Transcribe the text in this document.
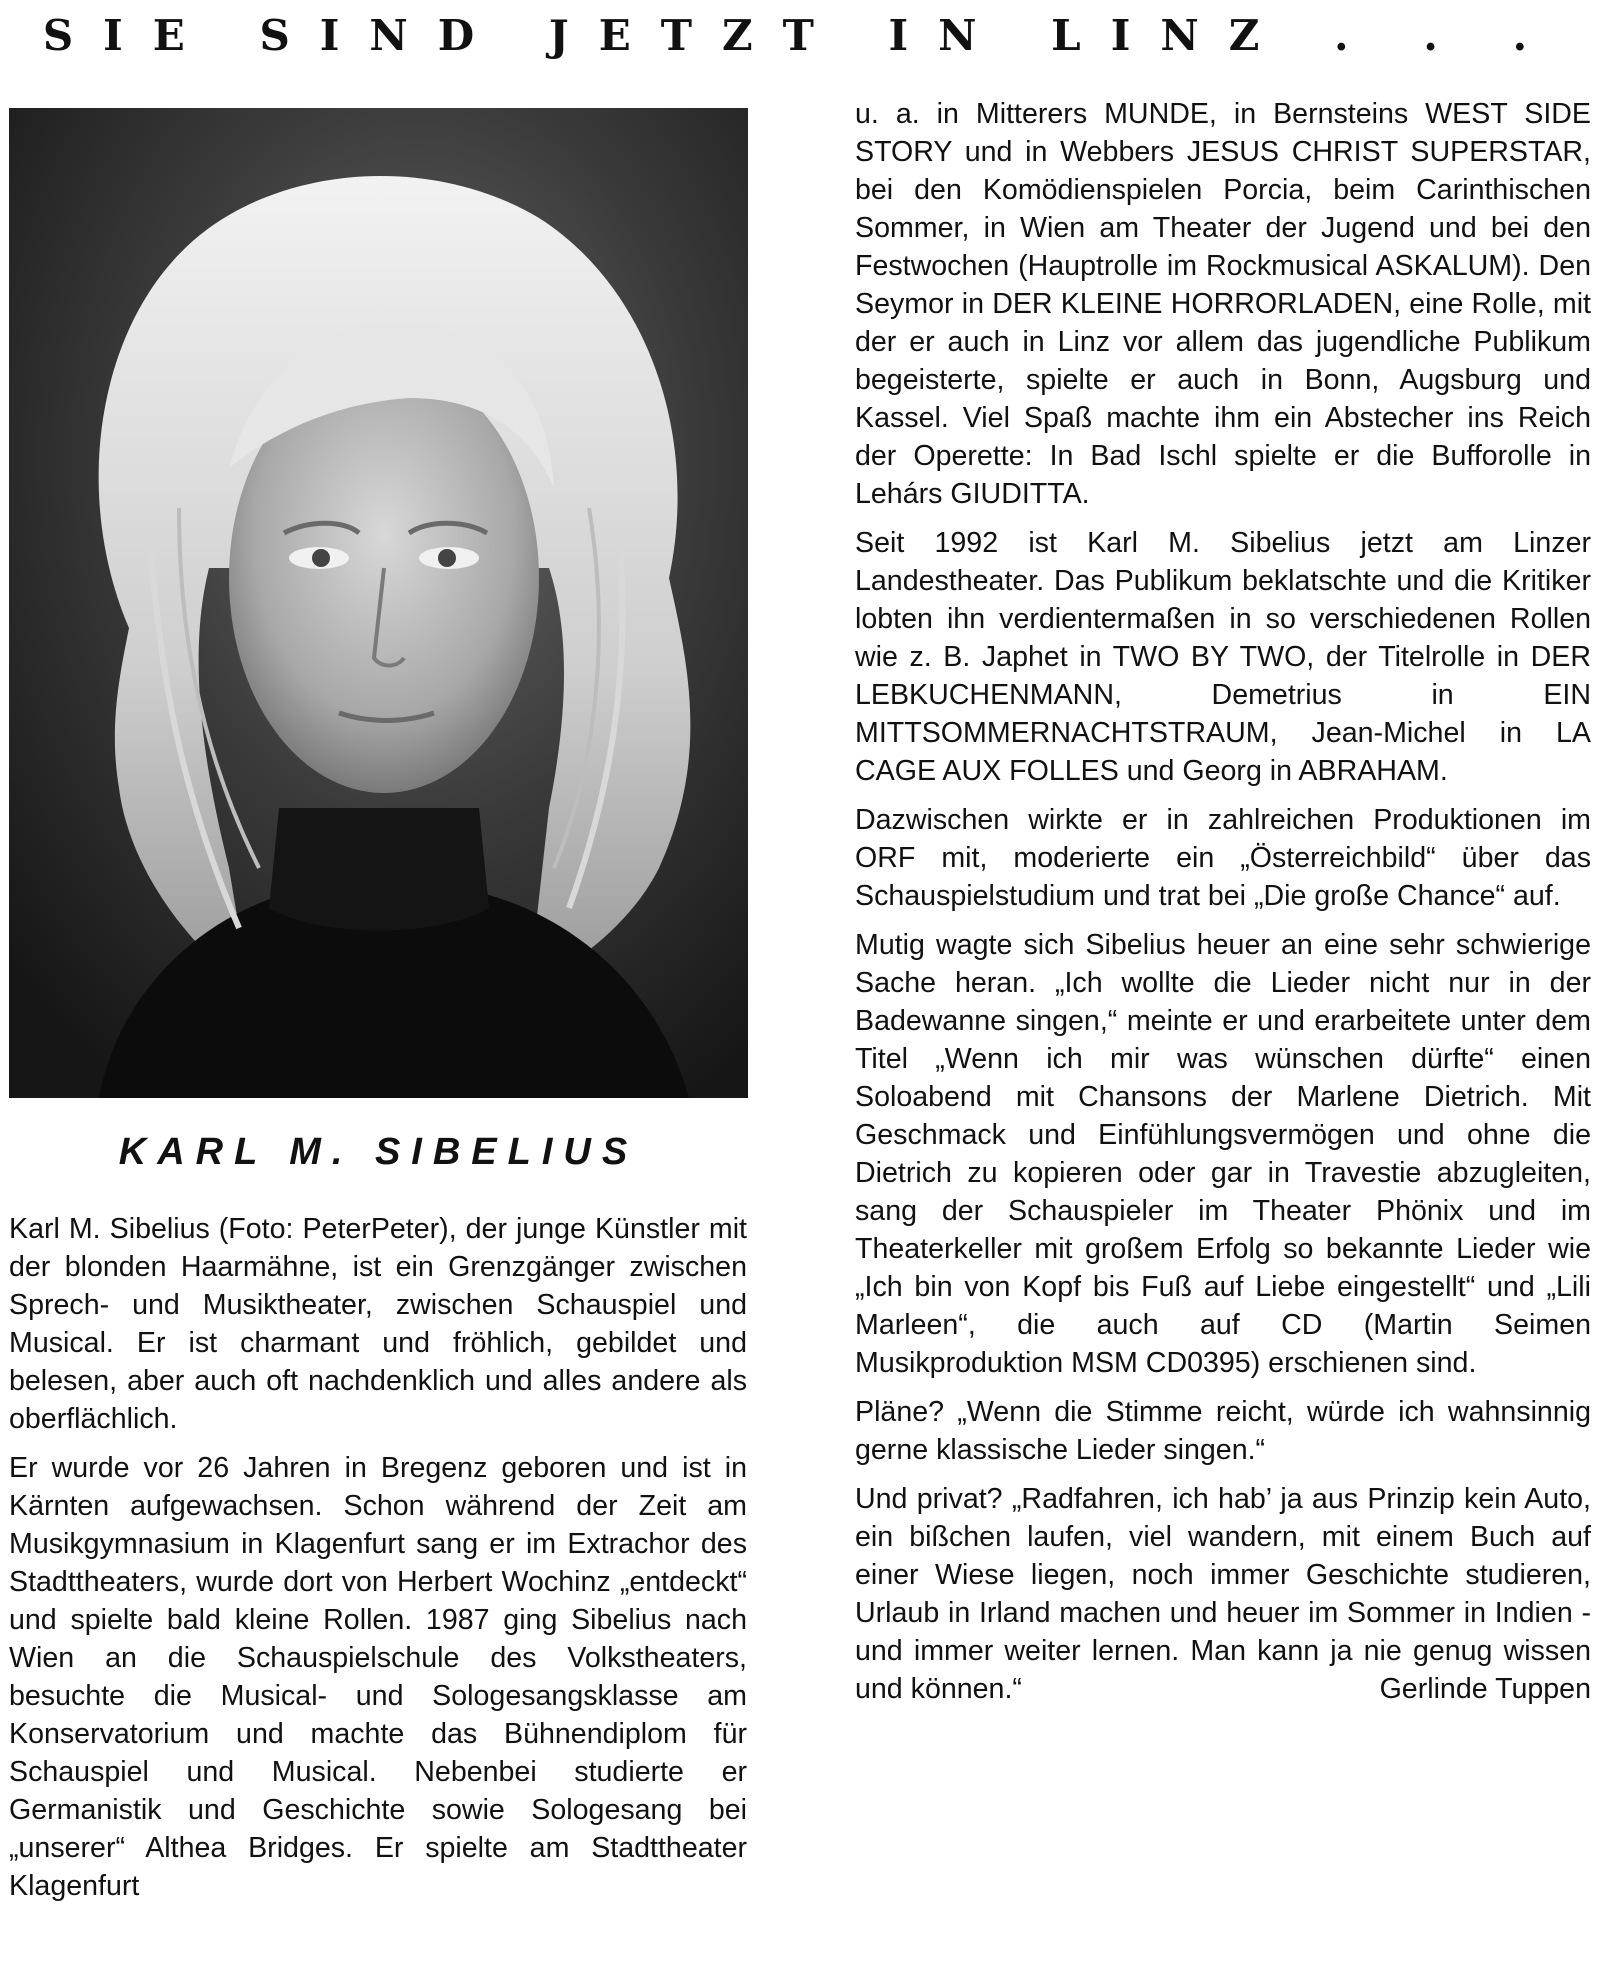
SIE SIND JETZT IN LINZ . . .
KARL M. SIBELIUS

Karl M. Sibelius (Foto: PeterPeter), der junge Künstler mit der blonden Haarmähne, ist ein Grenzgänger zwischen Sprech- und Musiktheater, zwischen Schauspiel und Musical. Er ist charmant und fröhlich, gebildet und belesen, aber auch oft nachdenklich und alles andere als oberflächlich.

Er wurde vor 26 Jahren in Bregenz geboren und ist in Kärnten aufgewachsen. Schon während der Zeit am Musikgymnasium in Klagenfurt sang er im Extrachor des Stadttheaters, wurde dort von Herbert Wochinz „entdeckt“ und spielte bald kleine Rollen. 1987 ging Sibelius nach Wien an die Schauspielschule des Volkstheaters, besuchte die Musical- und Sologesangsklasse am Konservatorium und machte das Bühnendiplom für Schauspiel und Musical. Nebenbei studierte er Germanistik und Geschichte sowie Sologesang bei „unserer“ Althea Bridges. Er spielte am Stadttheater Klagenfurt

u. a. in Mitterers MUNDE, in Bernsteins WEST SIDE STORY und in Webbers JESUS CHRIST SUPERSTAR, bei den Komödienspielen Porcia, beim Carinthischen Sommer, in Wien am Theater der Jugend und bei den Festwochen (Hauptrolle im Rockmusical ASKALUM). Den Seymor in DER KLEINE HORRORLADEN, eine Rolle, mit der er auch in Linz vor allem das jugendliche Publikum begeisterte, spielte er auch in Bonn, Augsburg und Kassel. Viel Spaß machte ihm ein Abstecher ins Reich der Operette: In Bad Ischl spielte er die Bufforolle in Lehárs GIUDITTA.

Seit 1992 ist Karl M. Sibelius jetzt am Linzer Landestheater. Das Publikum beklatschte und die Kritiker lobten ihn verdientermaßen in so verschiedenen Rollen wie z. B. Japhet in TWO BY TWO, der Titelrolle in DER LEBKUCHENMANN, Demetrius in EIN MITTSOMMERNACHTSTRAUM, Jean-Michel in LA CAGE AUX FOLLES und Georg in ABRAHAM.

Dazwischen wirkte er in zahlreichen Produktionen im ORF mit, moderierte ein „Österreichbild“ über das Schauspielstudium und trat bei „Die große Chance“ auf.

Mutig wagte sich Sibelius heuer an eine sehr schwierige Sache heran. „Ich wollte die Lieder nicht nur in der Badewanne singen,“ meinte er und erarbeitete unter dem Titel „Wenn ich mir was wünschen dürfte“ einen Soloabend mit Chansons der Marlene Dietrich. Mit Geschmack und Einfühlungsvermögen und ohne die Dietrich zu kopieren oder gar in Travestie abzugleiten, sang der Schauspieler im Theater Phönix und im Theaterkeller mit großem Erfolg so bekannte Lieder wie „Ich bin von Kopf bis Fuß auf Liebe eingestellt“ und „Lili Marleen“, die auch auf CD (Martin Seimen Musikproduktion MSM CD0395) erschienen sind.

Pläne? „Wenn die Stimme reicht, würde ich wahnsinnig gerne klassische Lieder singen.“

Und privat? „Radfahren, ich hab’ ja aus Prinzip kein Auto, ein bißchen laufen, viel wandern, mit einem Buch auf einer Wiese liegen, noch immer Geschichte studieren, Urlaub in Irland machen und heuer im Sommer in Indien - und immer weiter lernen. Man kann ja nie genug wissen und können.“	Gerlinde Tuppen
